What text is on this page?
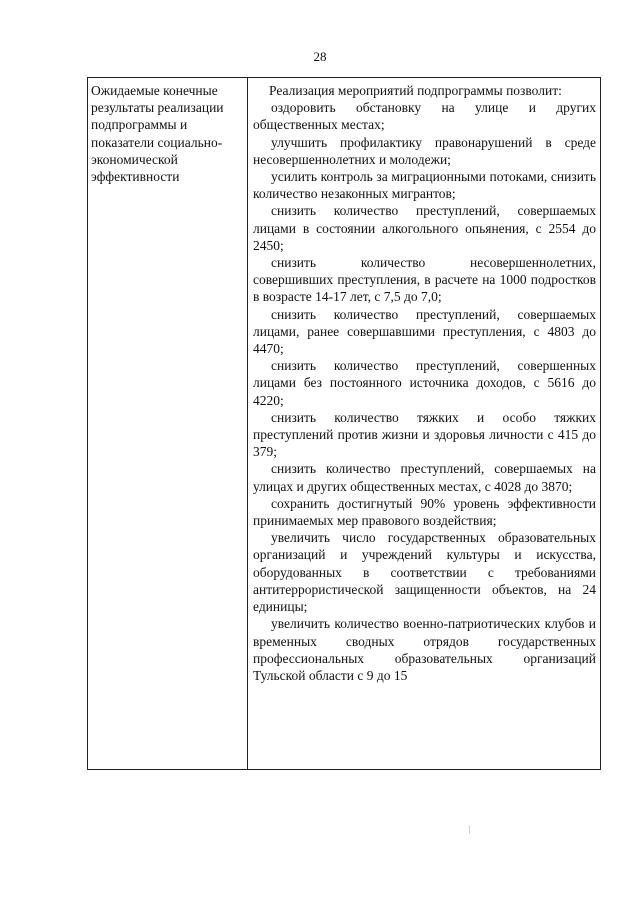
28
Ожидаемые конечные результаты реализации подпрограммы и показатели социально-экономической эффективности

Реализация мероприятий подпрограммы позволит:

оздоровить обстановку на улице и других общественных местах;

улучшить профилактику правонарушений в среде несовершеннолетних и молодежи;

усилить контроль за миграционными потоками, снизить количество незаконных мигрантов;

снизить количество преступлений, совершаемых лицами в состоянии алкогольного опьянения, с 2554 до 2450;

снизить количество несовершеннолетних, совершивших преступления, в расчете на 1000 подростков в возрасте 14-17 лет, с 7,5 до 7,0;

снизить количество преступлений, совершаемых лицами, ранее совершавшими преступления, с 4803 до 4470;

снизить количество преступлений, совершенных лицами без постоянного источника доходов, с 5616 до 4220;

снизить количество тяжких и особо тяжких преступлений против жизни и здоровья личности с 415 до 379;

снизить количество преступлений, совершаемых на улицах и других общественных местах, с 4028 до 3870;

сохранить достигнутый 90% уровень эффективности принимаемых мер правового воздействия;

увеличить число государственных образовательных организаций и учреждений культуры и искусства, оборудованных в соответствии с требованиями антитеррористической защищенности объектов, на 24 единицы;

увеличить количество военно-патриотических клубов и временных сводных отрядов государственных профессиональных образовательных организаций Тульской области с 9 до 15
